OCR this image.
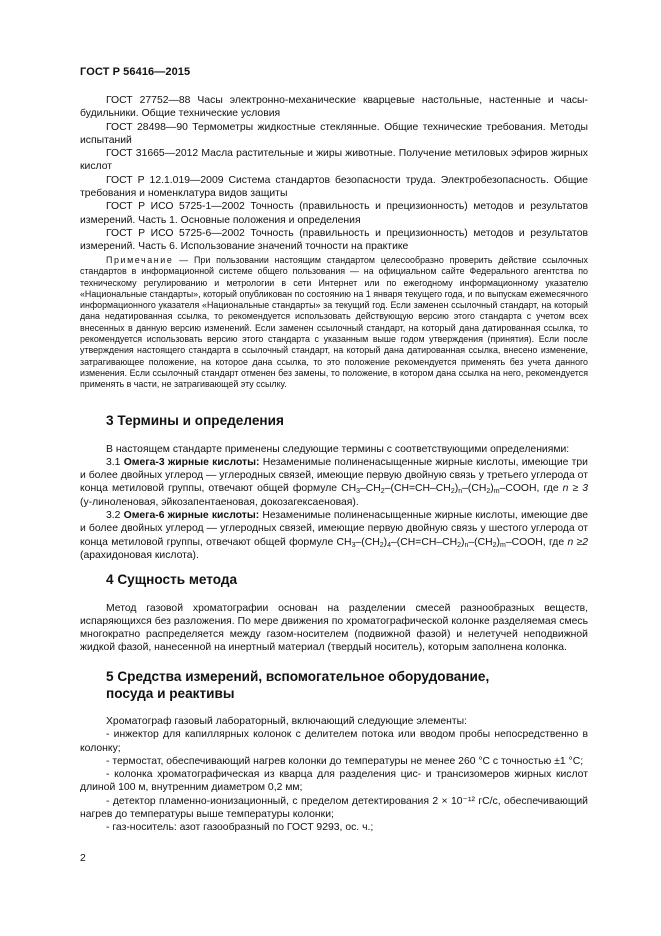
ГОСТ Р 56416—2015

ГОСТ 27752—88 Часы электронно-механические кварцевые настольные, настенные и часы-будильники. Общие технические условия

ГОСТ 28498—90 Термометры жидкостные стеклянные. Общие технические требования. Методы испытаний

ГОСТ 31665—2012 Масла растительные и жиры животные. Получение метиловых эфиров жирных кислот

ГОСТ Р 12.1.019—2009 Система стандартов безопасности труда. Электробезопасность. Общие требования и номенклатура видов защиты

ГОСТ Р ИСО 5725-1—2002 Точность (правильность и прецизионность) методов и результатов измерений. Часть 1. Основные положения и определения

ГОСТ Р ИСО 5725-6—2002 Точность (правильность и прецизионность) методов и результатов измерений. Часть 6. Использование значений точности на практике

Примечание — При пользовании настоящим стандартом целесообразно проверить действие ссылочных стандартов в информационной системе общего пользования — на официальном сайте Федерального агентства по техническому регулированию и метрологии в сети Интернет или по ежегодному информационному указателю «Национальные стандарты», который опубликован по состоянию на 1 января текущего года, и по выпускам ежемесячного информационного указателя «Национальные стандарты» за текущий год. Если заменен ссылочный стандарт, на который дана недатированная ссылка, то рекомендуется использовать действующую версию этого стандарта с учетом всех внесенных в данную версию изменений. Если заменен ссылочный стандарт, на который дана датированная ссылка, то рекомендуется использовать версию этого стандарта с указанным выше годом утверждения (принятия). Если после утверждения настоящего стандарта в ссылочный стандарт, на который дана датированная ссылка, внесено изменение, затрагивающее положение, на которое дана ссылка, то это положение рекомендуется применять без учета данного изменения. Если ссылочный стандарт отменен без замены, то положение, в котором дана ссылка на него, рекомендуется применять в части, не затрагивающей эту ссылку.

3 Термины и определения

В настоящем стандарте применены следующие термины с соответствующими определениями:

3.1 Омега-3 жирные кислоты: Незаменимые полиненасыщенные жирные кислоты, имеющие три и более двойных углерод — углеродных связей, имеющие первую двойную связь у третьего углерода от конца метиловой группы, отвечают общей формуле $CH_3-CH_2-(CH=CH-CH_2)_n-(CH_2)_m$–COOH, где n ≥ 3 (у-линоленовая, эйкозапентаеновая, докозагексаеновая).

3.2 Омега-6 жирные кислоты: Незаменимые полиненасыщенные жирные кислоты, имеющие две и более двойных углерод — углеродных связей, имеющие первую двойную связь у шестого углерода от конца метиловой группы, отвечают общей формуле $CH_3-(CH_2)_4-(CH=CH-CH_2)_n-(CH_2)_m$–COOH, где n ≥2 (арахидоновая кислота).

4 Сущность метода

Метод газовой хроматографии основан на разделении смесей разнообразных веществ, испаряющихся без разложения. По мере движения по хроматографической колонке разделяемая смесь многократно распределяется между газом-носителем (подвижной фазой) и нелетучей неподвижной жидкой фазой, нанесенной на инертный материал (твердый носитель), которым заполнена колонка.

5 Средства измерений, вспомогательное оборудование,
посуда и реактивы

Хроматограф газовый лабораторный, включающий следующие элементы:

- инжектор для капиллярных колонок с делителем потока или вводом пробы непосредственно в колонку;

- термостат, обеспечивающий нагрев колонки до температуры не менее 260 °С с точностью ±1 °С;

- колонка хроматографическая из кварца для разделения цис- и трансизомеров жирных кислот длиной 100 м, внутренним диаметром 0,2 мм;

- детектор пламенно-ионизационный, с пределом детектирования 2 × 10⁻¹² гС/с, обеспечивающий нагрев до температуры выше температуры колонки;

- газ-носитель: азот газообразный по ГОСТ 9293, ос. ч.;

2
